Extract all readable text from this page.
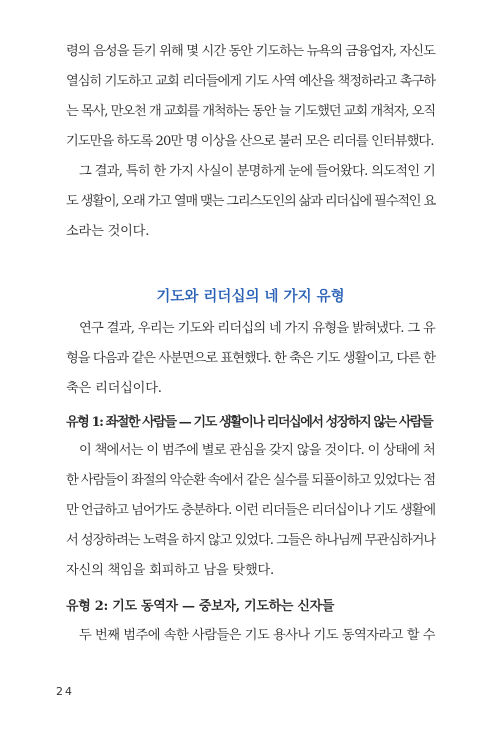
령의 음성을 듣기 위해 몇 시간 동안 기도하는 뉴욕의 금융업자, 자신도
열심히 기도하고 교회 리더들에게 기도 사역 예산을 책정하라고 촉구하
는 목사, 만오천 개 교회를 개척하는 동안 늘 기도했던 교회 개척자, 오직
기도만을 하도록 20만 명 이상을 산으로 불러 모은 리더를 인터뷰했다.
그 결과, 특히 한 가지 사실이 분명하게 눈에 들어왔다. 의도적인 기
도 생활이, 오래 가고 열매 맺는 그리스도인의 삶과 리더십에 필수적인 요
소라는 것이다.
기도와 리더십의 네 가지 유형
연구 결과, 우리는 기도와 리더십의 네 가지 유형을 밝혀냈다. 그 유
형을 다음과 같은 사분면으로 표현했다. 한 축은 기도 생활이고, 다른 한
축은 리더십이다.
유형 1: 좌절한 사람들 — 기도 생활이나 리더십에서 성장하지 않는 사람들
이 책에서는 이 범주에 별로 관심을 갖지 않을 것이다. 이 상태에 처
한 사람들이 좌절의 악순환 속에서 같은 실수를 되풀이하고 있었다는 점
만 언급하고 넘어가도 충분하다. 이런 리더들은 리더십이나 기도 생활에
서 성장하려는 노력을 하지 않고 있었다. 그들은 하나님께 무관심하거나
자신의 책임을 회피하고 남을 탓했다.
유형 2: 기도 동역자 — 중보자, 기도하는 신자들
두 번째 범주에 속한 사람들은 기도 용사나 기도 동역자라고 할 수
24
